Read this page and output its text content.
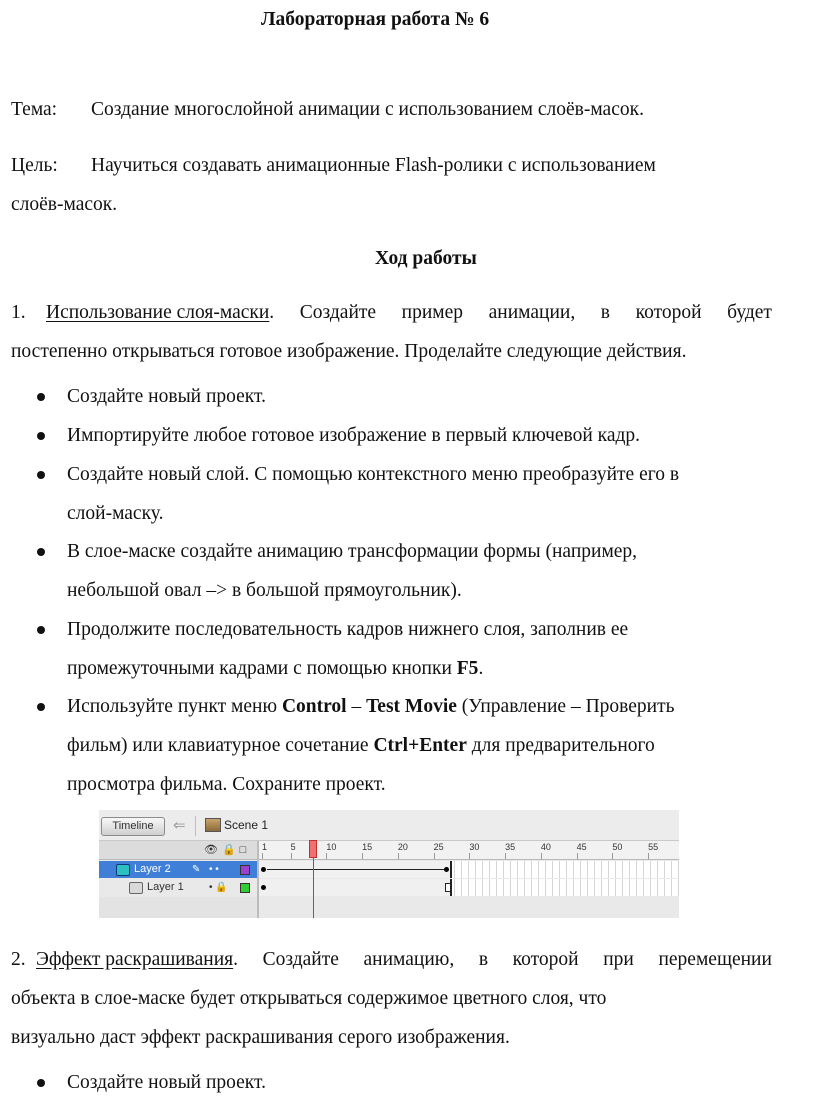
Лабораторная работа № 6
Тема: Создание многослойной анимации с использованием слоёв-масок.
Цель: Научиться создавать анимационные Flash-ролики с использованием
слоёв-масок.
Ход работы
1. Использование слоя-маски. Создайте пример анимации, в которой будет
постепенно открываться готовое изображение. Проделайте следующие действия.
Создайте новый проект.
Импортируйте любое готовое изображение в первый ключевой кадр.
Создайте новый слой. С помощью контекстного меню преобразуйте его в
слой-маску.
В слое-маске создайте анимацию трансформации формы (например,
небольшой овал –> в большой прямоугольник).
Продолжите последовательность кадров нижнего слоя, заполнив ее
промежуточными кадрами с помощью кнопки F5.
Используйте пункт меню Control – Test Movie (Управление – Проверить
фильм) или клавиатурное сочетание Ctrl+Enter для предварительного
просмотра фильма. Сохраните проект.
Timeline	⇐	Scene 1
👁🔒□ 1	5	10	15	20	25	30	35	40	45	50	55
Layer 2 ✎ • •
Layer 1	• 🔒
2. Эффект раскрашивания. Создайте анимацию, в которой при перемещении
объекта в слое-маске будет открываться содержимое цветного слоя, что
визуально даст эффект раскрашивания серого изображения.
Создайте новый проект.
